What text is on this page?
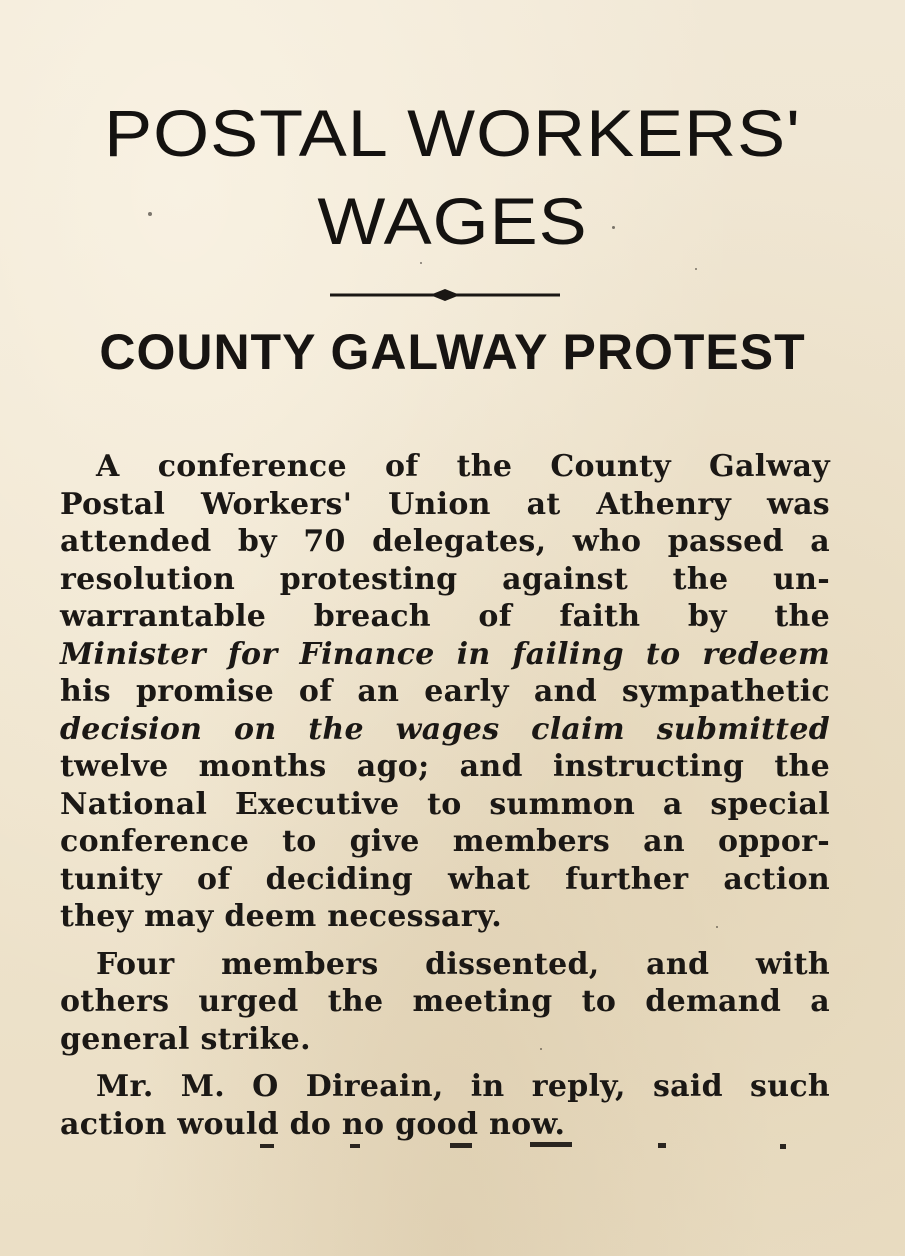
POSTAL WORKERS'
WAGES
COUNTY GALWAY PROTEST

A conference of the County Galway
Postal Workers' Union at Athenry was
attended by 70 delegates, who passed a
resolution protesting against the un-
warrantable breach of faith by the
Minister for Finance in failing to redeem
his promise of an early and sympathetic
decision on the wages claim submitted
twelve months ago; and instructing the
National Executive to summon a special
conference to give members an oppor-
tunity of deciding what further action
they may deem necessary.

Four members dissented, and with
others urged the meeting to demand a
general strike.

Mr. M. O Direain, in reply, said such
action would do no good now.
